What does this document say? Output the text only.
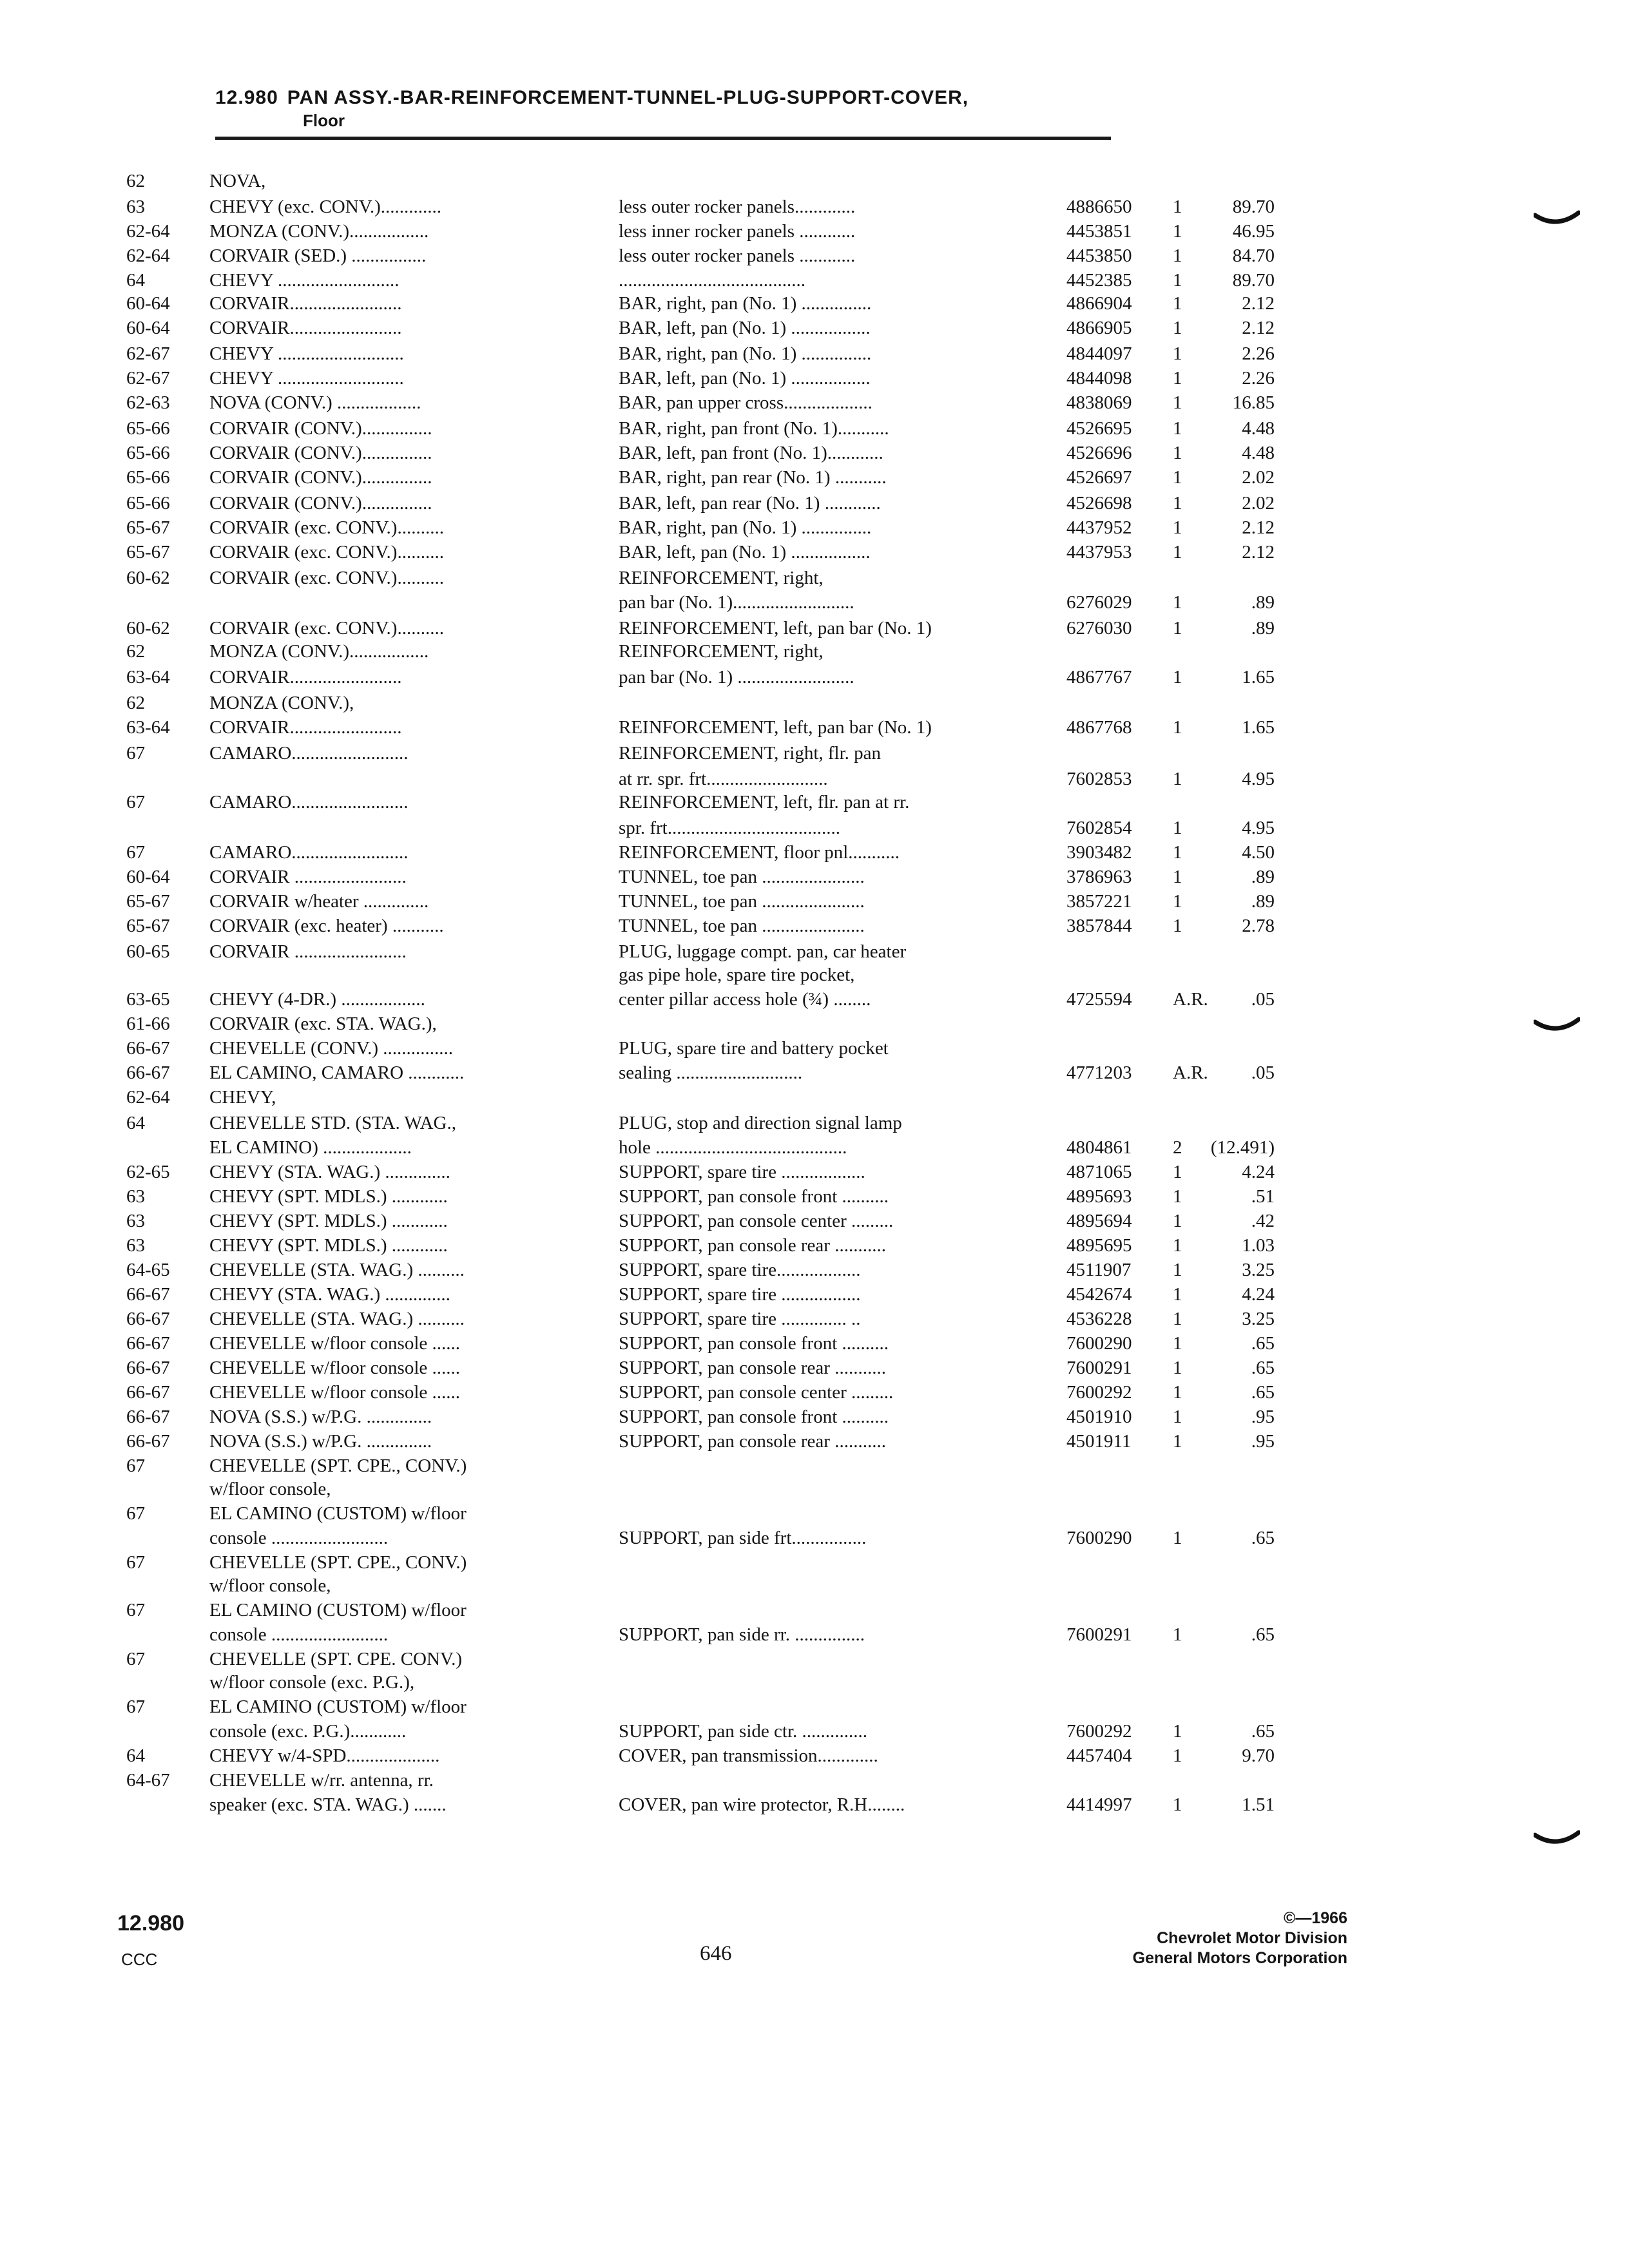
12.980 PAN ASSY.-BAR-REINFORCEMENT-TUNNEL-PLUG-SUPPORT-COVER,
Floor
62	NOVA,
63	CHEVY (exc. CONV.).............	less outer rocker panels.............	4886650 1	89.70
62-64 MONZA (CONV.).................	less inner rocker panels ............	4453851 1	46.95
62-64 CORVAIR (SED.) ................	less outer rocker panels ............	4453850 1	84.70
64	CHEVY ..........................	........................................	4452385 1	89.70
60-64 CORVAIR........................	BAR, right, pan (No. 1) ...............	4866904 1	2.12
60-64 CORVAIR........................	BAR, left, pan (No. 1) .................	4866905 1	2.12
62-67 CHEVY ...........................	BAR, right, pan (No. 1) ...............	4844097 1	2.26
62-67 CHEVY ...........................	BAR, left, pan (No. 1) .................	4844098 1	2.26
62-63 NOVA (CONV.) ..................	BAR, pan upper cross...................	4838069 1	16.85
65-66 CORVAIR (CONV.)...............	BAR, right, pan front (No. 1)...........	4526695 1	4.48
65-66 CORVAIR (CONV.)...............	BAR, left, pan front (No. 1)............	4526696 1	4.48
65-66 CORVAIR (CONV.)...............	BAR, right, pan rear (No. 1) ...........	4526697 1	2.02
65-66 CORVAIR (CONV.)...............	BAR, left, pan rear (No. 1) ............	4526698 1	2.02
65-67 CORVAIR (exc. CONV.)..........	BAR, right, pan (No. 1) ...............	4437952 1	2.12
65-67 CORVAIR (exc. CONV.)..........	BAR, left, pan (No. 1) .................	4437953 1	2.12
60-62 CORVAIR (exc. CONV.)..........	REINFORCEMENT, right,
pan bar (No. 1)..........................	6276029 1	.89
60-62 CORVAIR (exc. CONV.)..........	REINFORCEMENT, left, pan bar (No. 1)	6276030 1	.89
62	MONZA (CONV.).................	REINFORCEMENT, right,
63-64 CORVAIR........................	pan bar (No. 1) .........................	4867767 1	1.65
62	MONZA (CONV.),
63-64 CORVAIR........................	REINFORCEMENT, left, pan bar (No. 1)	4867768 1	1.65
67	CAMARO.........................	REINFORCEMENT, right, flr. pan
at rr. spr. frt..........................	7602853 1	4.95
67	CAMARO.........................	REINFORCEMENT, left, flr. pan at rr.
spr. frt.....................................	7602854 1	4.95
67	CAMARO.........................	REINFORCEMENT, floor pnl...........	3903482 1	4.50
60-64 CORVAIR ........................	TUNNEL, toe pan ......................	3786963 1	.89
65-67 CORVAIR w/heater ..............	TUNNEL, toe pan ......................	3857221 1	.89
65-67 CORVAIR (exc. heater) ...........	TUNNEL, toe pan ......................	3857844 1	2.78
60-65 CORVAIR ........................	PLUG, luggage compt. pan, car heater
gas pipe hole, spare tire pocket,
63-65 CHEVY (4-DR.) ..................	center pillar access hole (¾) ........	4725594 A.R. .05
61-66 CORVAIR (exc. STA. WAG.),
66-67 CHEVELLE (CONV.) ...............	PLUG, spare tire and battery pocket
66-67 EL CAMINO, CAMARO ............	sealing ...........................	4771203 A.R. .05
62-64 CHEVY,
64	CHEVELLE STD. (STA. WAG.,	PLUG, stop and direction signal lamp
EL CAMINO) ...................	hole .........................................	4804861 2 (12.491)
62-65 CHEVY (STA. WAG.) ..............	SUPPORT, spare tire ..................	4871065 1	4.24
63	CHEVY (SPT. MDLS.) ............	SUPPORT, pan console front ..........	4895693 1	.51
63	CHEVY (SPT. MDLS.) ............	SUPPORT, pan console center .........	4895694 1	.42
63	CHEVY (SPT. MDLS.) ............	SUPPORT, pan console rear ...........	4895695 1	1.03
64-65 CHEVELLE (STA. WAG.) ..........	SUPPORT, spare tire..................	4511907 1	3.25
66-67 CHEVY (STA. WAG.) ..............	SUPPORT, spare tire .................	4542674 1	4.24
66-67 CHEVELLE (STA. WAG.) ..........	SUPPORT, spare tire .............. ..	4536228 1	3.25
66-67 CHEVELLE w/floor console ......	SUPPORT, pan console front ..........	7600290 1	.65
66-67 CHEVELLE w/floor console ......	SUPPORT, pan console rear ...........	7600291 1	.65
66-67 CHEVELLE w/floor console ......	SUPPORT, pan console center .........	7600292 1	.65
66-67 NOVA (S.S.) w/P.G. ..............	SUPPORT, pan console front ..........	4501910 1	.95
66-67 NOVA (S.S.) w/P.G. ..............	SUPPORT, pan console rear ...........	4501911 1	.95
67	CHEVELLE (SPT. CPE., CONV.)
w/floor console,
67	EL CAMINO (CUSTOM) w/floor
console .........................	SUPPORT, pan side frt................	7600290 1	.65
67	CHEVELLE (SPT. CPE., CONV.)
w/floor console,
67	EL CAMINO (CUSTOM) w/floor
console .........................	SUPPORT, pan side rr. ...............	7600291 1	.65
67	CHEVELLE (SPT. CPE. CONV.)
w/floor console (exc. P.G.),
67	EL CAMINO (CUSTOM) w/floor
console (exc. P.G.)............	SUPPORT, pan side ctr. ..............	7600292 1	.65
64	CHEVY w/4-SPD....................	COVER, pan transmission.............	4457404 1	9.70
64-67 CHEVELLE w/rr. antenna, rr.
speaker (exc. STA. WAG.) .......	COVER, pan wire protector, R.H........	4414997 1	1.51
12.980
CCC	646
©—1966
Chevrolet Motor Division
General Motors Corporation
